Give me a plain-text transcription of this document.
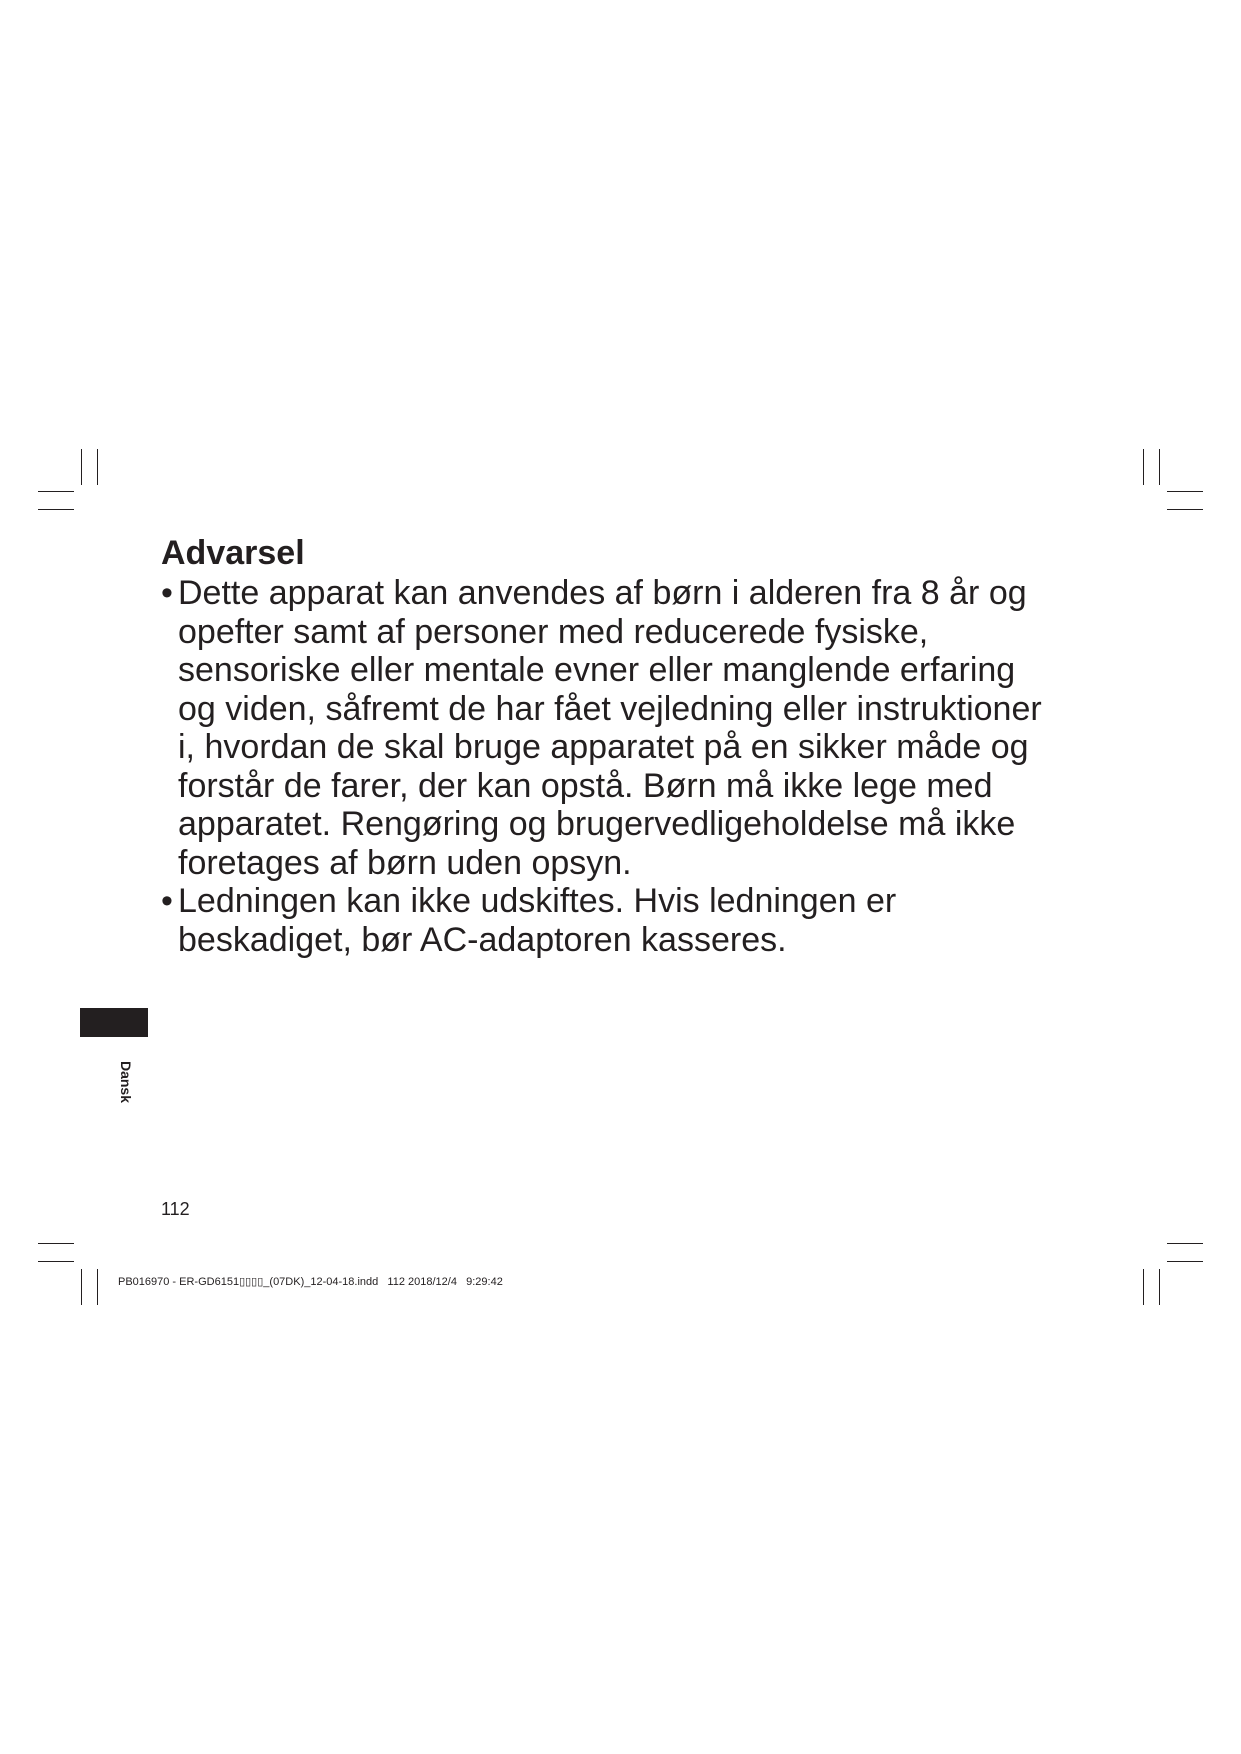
Advarsel
• Dette apparat kan anvendes af børn i alderen fra 8 år og opefter samt af personer med reducerede fysiske, sensoriske eller mentale evner eller manglende erfaring og viden, såfremt de har fået vejledning eller instruktioner i, hvordan de skal bruge apparatet på en sikker måde og forstår de farer, der kan opstå. Børn må ikke lege med apparatet. Rengøring og brugervedligeholdelse må ikke foretages af børn uden opsyn.
• Ledningen kan ikke udskiftes. Hvis ledningen er beskadiget, bør AC-adaptoren kasseres.
Dansk
112
PB016970 - ER-GD6151▯▯▯▯_(07DK)_12-04-18.indd   112 2018/12/4   9:29:42
